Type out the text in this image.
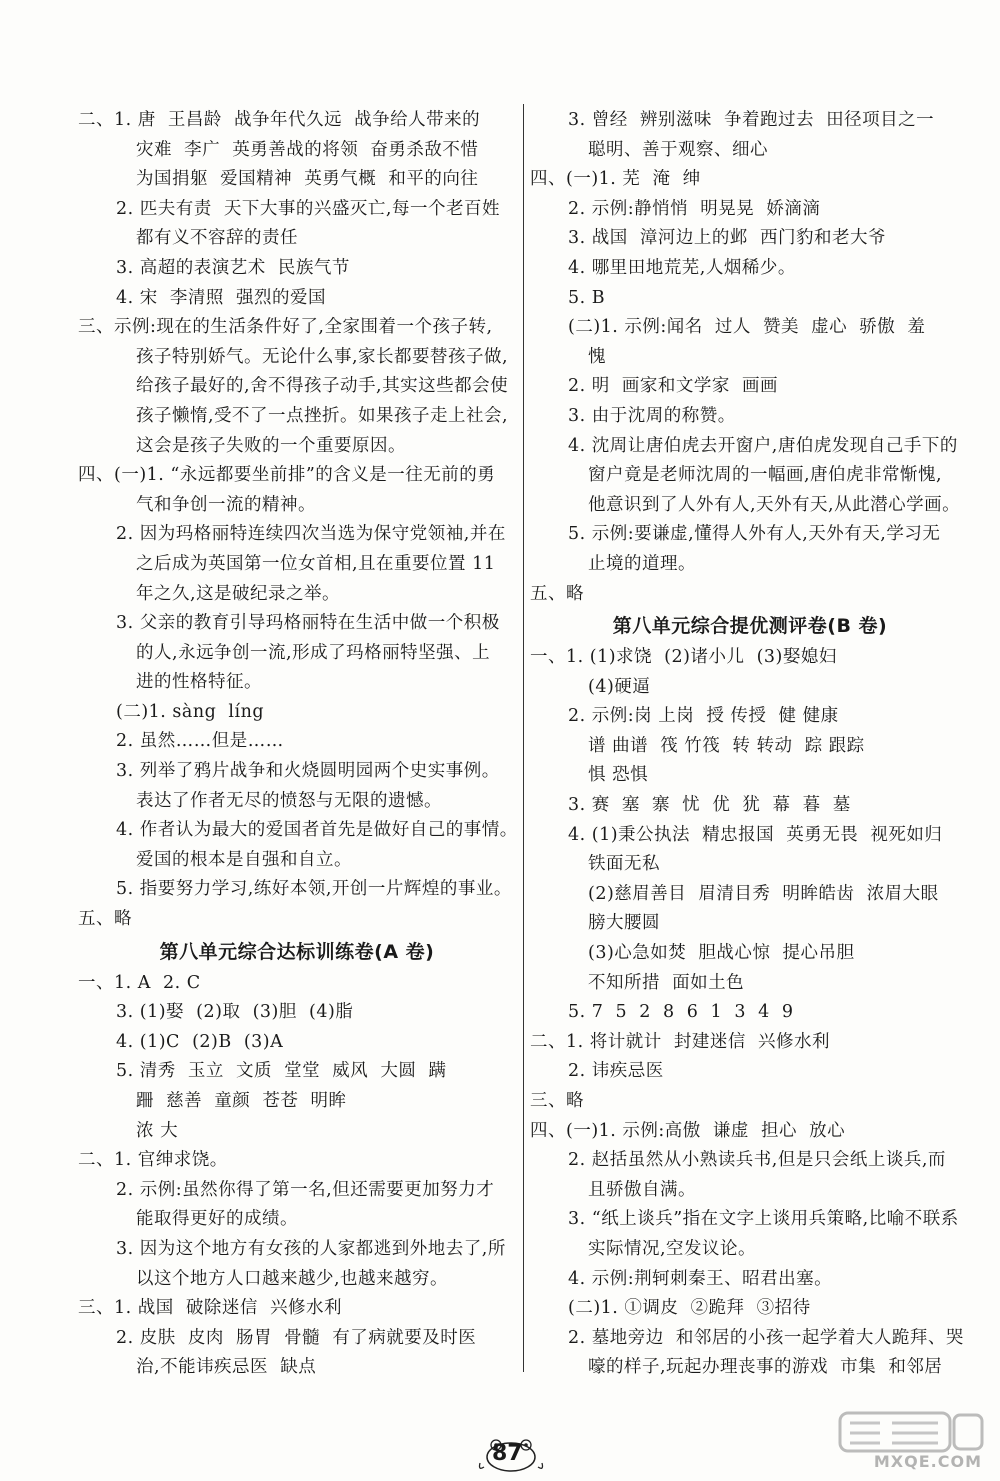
二、1. 唐  王昌龄  战争年代久远  战争给人带来的
灾难  李广  英勇善战的将领  奋勇杀敌不惜
为国捐躯  爱国精神  英勇气概  和平的向往
2. 匹夫有责  天下大事的兴盛灭亡,每一个老百姓
都有义不容辞的责任
3. 高超的表演艺术  民族气节
4. 宋  李清照  强烈的爱国
三、示例:现在的生活条件好了,全家围着一个孩子转,
孩子特别娇气。无论什么事,家长都要替孩子做,
给孩子最好的,舍不得孩子动手,其实这些都会使
孩子懒惰,受不了一点挫折。如果孩子走上社会,
这会是孩子失败的一个重要原因。
四、(一)1. “永远都要坐前排”的含义是一往无前的勇
气和争创一流的精神。
2. 因为玛格丽特连续四次当选为保守党领袖,并在
之后成为英国第一位女首相,且在重要位置 11
年之久,这是破纪录之举。
3. 父亲的教育引导玛格丽特在生活中做一个积极
的人,永远争创一流,形成了玛格丽特坚强、上
进的性格特征。
(二)1. sàng  líng
2. 虽然……但是……
3. 列举了鸦片战争和火烧圆明园两个史实事例。
表达了作者无尽的愤怒与无限的遗憾。
4. 作者认为最大的爱国者首先是做好自己的事情。
爱国的根本是自强和自立。
5. 指要努力学习,练好本领,开创一片辉煌的事业。
五、略
第八单元综合达标训练卷(A 卷)
一、1. A  2. C
3. (1)娶  (2)取  (3)胆  (4)脂
4. (1)C  (2)B  (3)A
5. 清秀  玉立  文质  堂堂  威风  大圆  蹒
跚  慈善  童颜  苍苍  明眸
浓 大
二、1. 官绅求饶。
2. 示例:虽然你得了第一名,但还需要更加努力才
能取得更好的成绩。
3. 因为这个地方有女孩的人家都逃到外地去了,所
以这个地方人口越来越少,也越来越穷。
三、1. 战国  破除迷信  兴修水利
2. 皮肤  皮肉  肠胃  骨髓  有了病就要及时医
治,不能讳疾忌医  缺点
3. 曾经  辨别滋味  争着跑过去  田径项目之一
聪明、善于观察、细心
四、(一)1. 芜  淹  绅
2. 示例:静悄悄  明晃晃  娇滴滴
3. 战国  漳河边上的邺  西门豹和老大爷
4. 哪里田地荒芜,人烟稀少。
5. B
(二)1. 示例:闻名  过人  赞美  虚心  骄傲  羞
愧
2. 明  画家和文学家  画画
3. 由于沈周的称赞。
4. 沈周让唐伯虎去开窗户,唐伯虎发现自己手下的
窗户竟是老师沈周的一幅画,唐伯虎非常惭愧,
他意识到了人外有人,天外有天,从此潜心学画。
5. 示例:要谦虚,懂得人外有人,天外有天,学习无
止境的道理。
五、略
第八单元综合提优测评卷(B 卷)
一、1. (1)求饶  (2)诸小儿  (3)娶媳妇
(4)硬逼
2. 示例:岗 上岗  授 传授  健 健康
谱 曲谱  筏 竹筏  转 转动  踪 跟踪
惧 恐惧
3. 赛  塞  寨  忧  优  犹  幕  暮  墓
4. (1)秉公执法  精忠报国  英勇无畏  视死如归
铁面无私
(2)慈眉善目  眉清目秀  明眸皓齿  浓眉大眼
膀大腰圆
(3)心急如焚  胆战心惊  提心吊胆
不知所措  面如土色
5. 7  5  2  8  6  1  3  4  9
二、1. 将计就计  封建迷信  兴修水利
2. 讳疾忌医
三、略
四、(一)1. 示例:高傲  谦虚  担心  放心
2. 赵括虽然从小熟读兵书,但是只会纸上谈兵,而
且骄傲自满。
3. “纸上谈兵”指在文字上谈用兵策略,比喻不联系
实际情况,空发议论。
4. 示例:荆轲刺秦王、昭君出塞。
(二)1. ①调皮  ②跪拜  ③招待
2. 墓地旁边  和邻居的小孩一起学着大人跪拜、哭
嚎的样子,玩起办理丧事的游戏  市集  和邻居
87	MXQE.COM
